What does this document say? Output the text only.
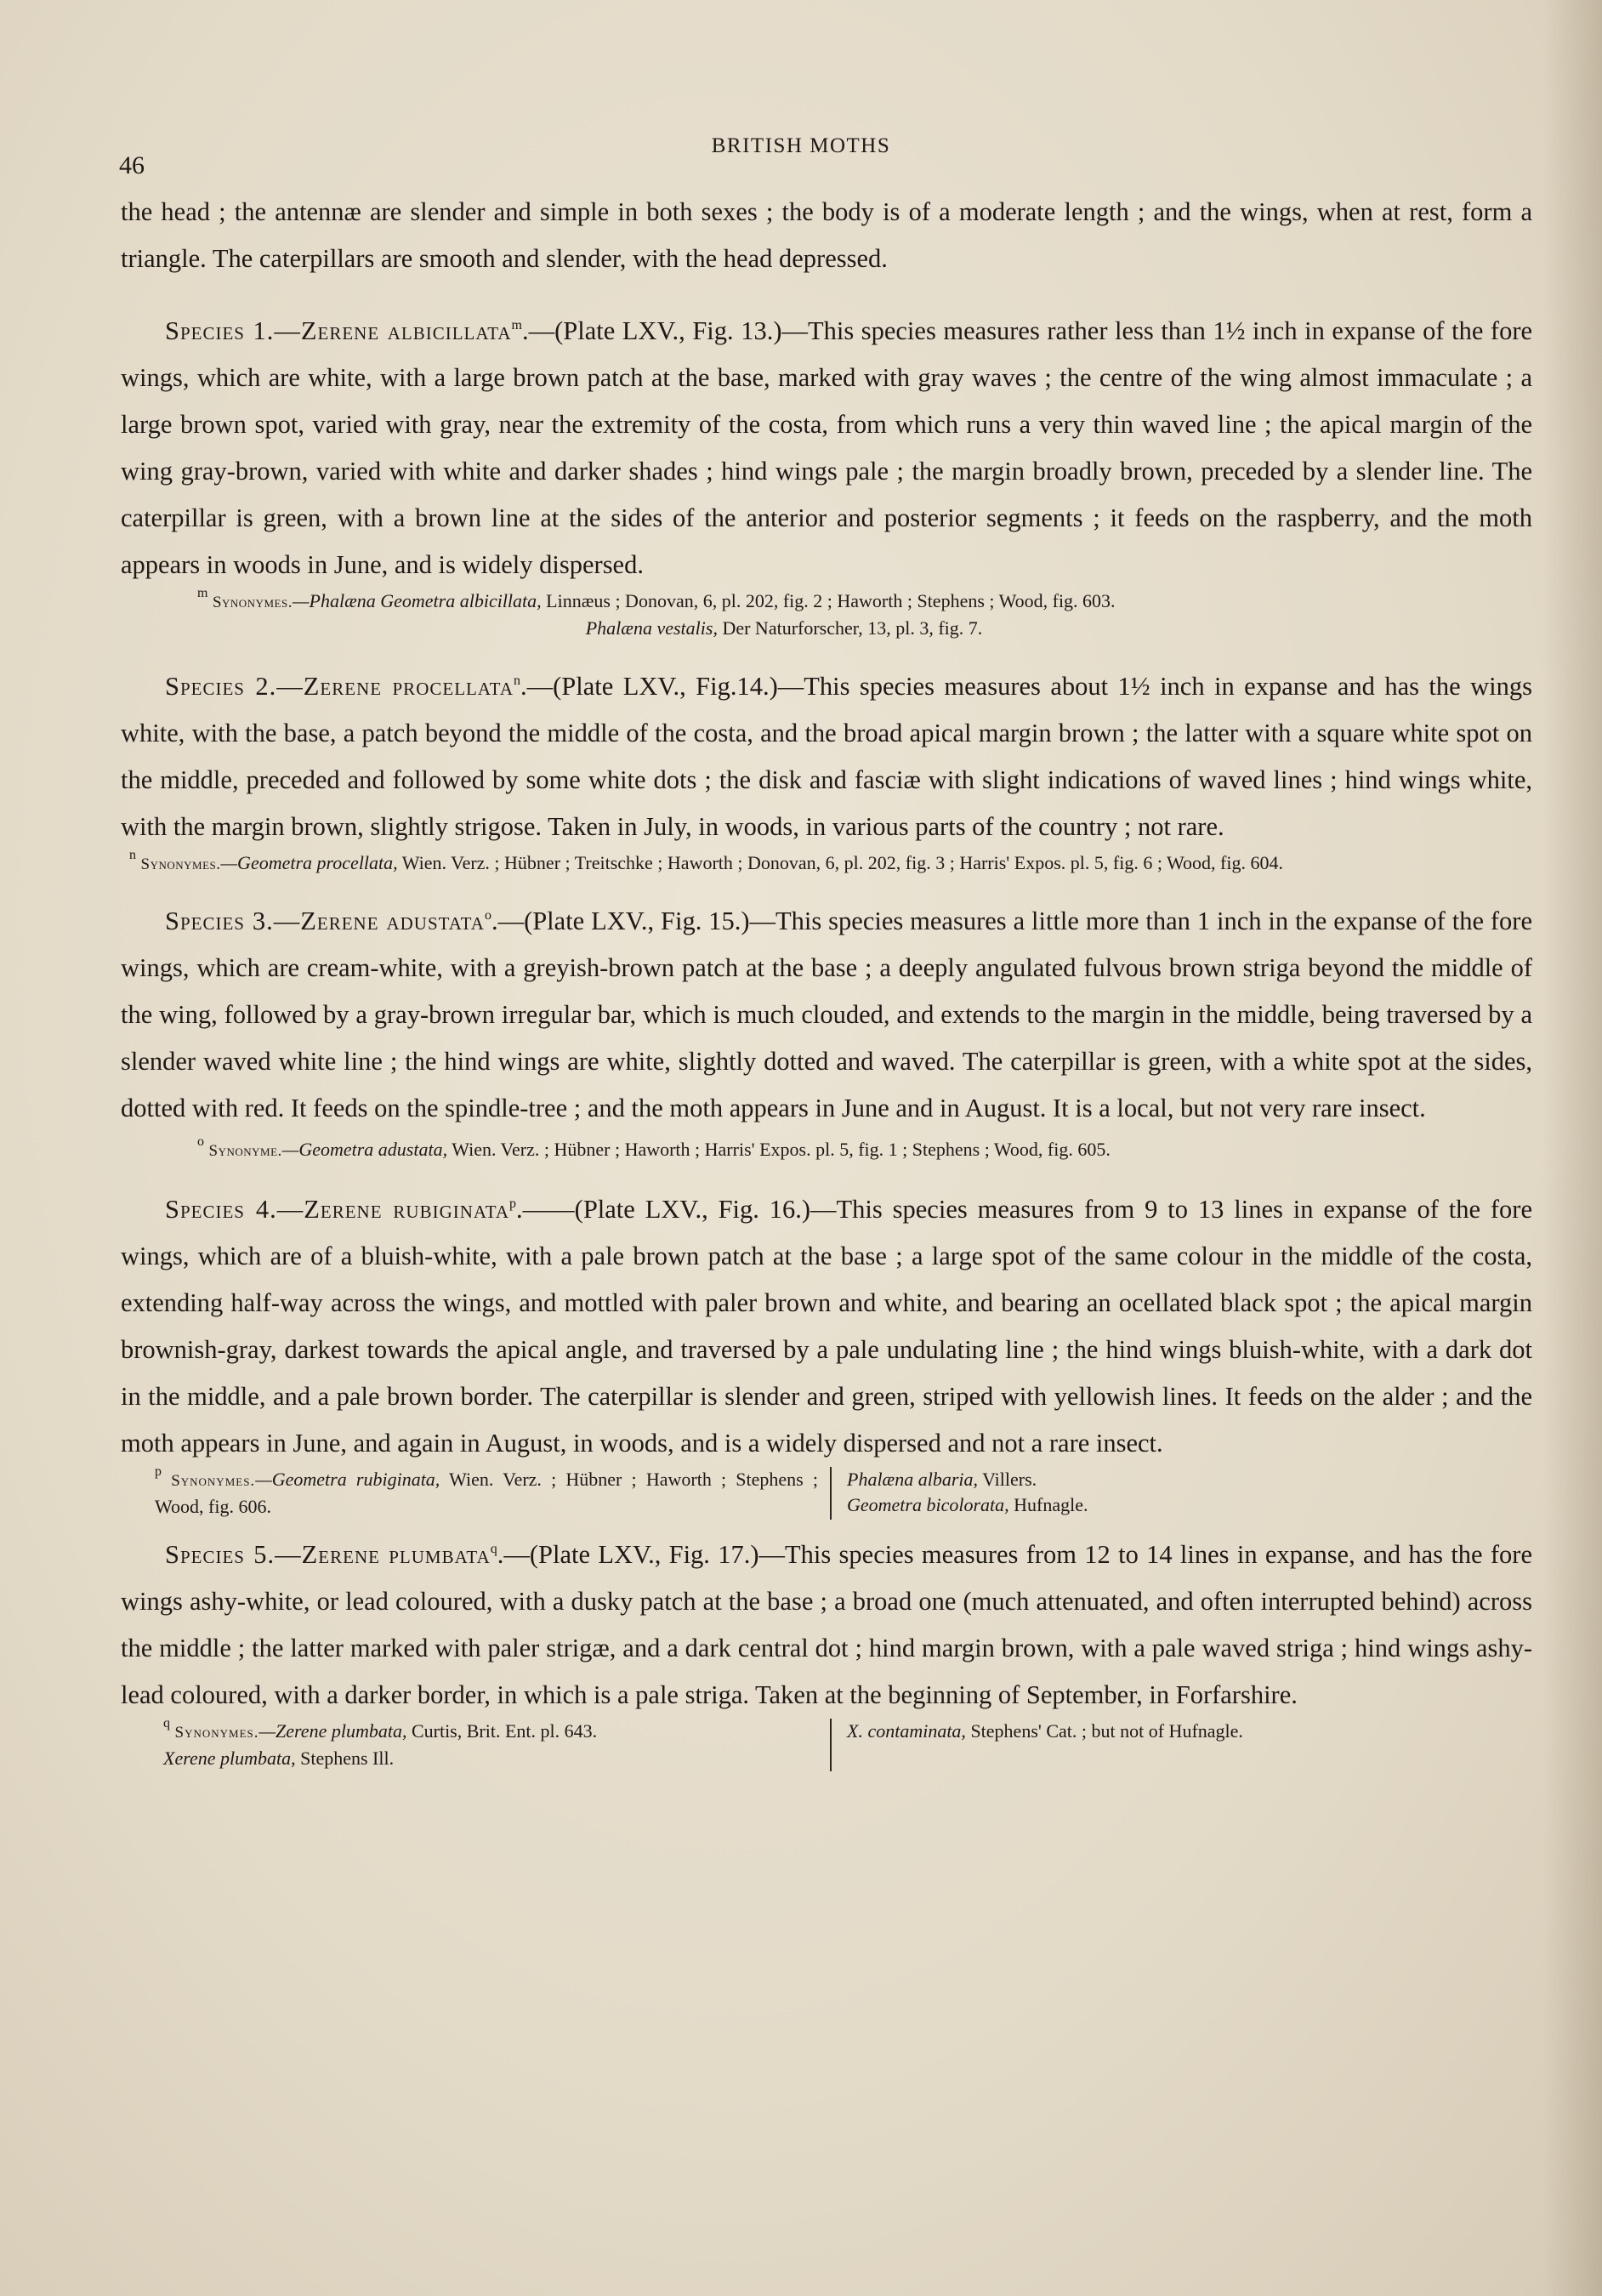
46
BRITISH MOTHS

the head ; the antennæ are slender and simple in both sexes ; the body is of a moderate length ; and the wings, when at rest, form a triangle. The caterpillars are smooth and slender, with the head depressed.

Species 1.—Zerene albicillata$^m$.—(Plate LXV., Fig. 13.)—This species measures rather less than 1½ inch in expanse of the fore wings, which are white, with a large brown patch at the base, marked with gray waves ; the centre of the wing almost immaculate ; a large brown spot, varied with gray, near the extremity of the costa, from which runs a very thin waved line ; the apical margin of the wing gray-brown, varied with white and darker shades ; hind wings pale ; the margin broadly brown, preceded by a slender line. The caterpillar is green, with a brown line at the sides of the anterior and posterior segments ; it feeds on the raspberry, and the moth appears in woods in June, and is widely dispersed.

$^m$ Synonymes.—Phalæna Geometra albicillata, Linnæus ; Donovan, 6, pl. 202, fig. 2 ; Haworth ; Stephens ; Wood, fig. 603.

Phalæna vestalis, Der Naturforscher, 13, pl. 3, fig. 7.

Species 2.—Zerene procellata$^n$.—(Plate LXV., Fig.14.)—This species measures about 1½ inch in expanse and has the wings white, with the base, a patch beyond the middle of the costa, and the broad apical margin brown ; the latter with a square white spot on the middle, preceded and followed by some white dots ; the disk and fasciæ with slight indications of waved lines ; hind wings white, with the margin brown, slightly strigose. Taken in July, in woods, in various parts of the country ; not rare.

$^n$ Synonymes.—Geometra procellata, Wien. Verz. ; Hübner ; Treitschke ; Haworth ; Donovan, 6, pl. 202, fig. 3 ; Harris' Expos. pl. 5, fig. 6 ; Wood, fig. 604.

Species 3.—Zerene adustata$^o$.—(Plate LXV., Fig. 15.)—This species measures a little more than 1 inch in the expanse of the fore wings, which are cream-white, with a greyish-brown patch at the base ; a deeply angulated fulvous brown striga beyond the middle of the wing, followed by a gray-brown irregular bar, which is much clouded, and extends to the margin in the middle, being traversed by a slender waved white line ; the hind wings are white, slightly dotted and waved. The caterpillar is green, with a white spot at the sides, dotted with red. It feeds on the spindle-tree ; and the moth appears in June and in August. It is a local, but not very rare insect.

$^o$ Synonyme.—Geometra adustata, Wien. Verz. ; Hübner ; Haworth ; Harris' Expos. pl. 5, fig. 1 ; Stephens ; Wood, fig. 605.

Species 4.—Zerene rubiginata$^p$.——(Plate LXV., Fig. 16.)—This species measures from 9 to 13 lines in expanse of the fore wings, which are of a bluish-white, with a pale brown patch at the base ; a large spot of the same colour in the middle of the costa, extending half-way across the wings, and mottled with paler brown and white, and bearing an ocellated black spot ; the apical margin brownish-gray, darkest towards the apical angle, and traversed by a pale undulating line ; the hind wings bluish-white, with a dark dot in the middle, and a pale brown border. The caterpillar is slender and green, striped with yellowish lines. It feeds on the alder ; and the moth appears in June, and again in August, in woods, and is a widely dispersed and not a rare insect.

$^p$ Synonymes.—Geometra rubiginata, Wien. Verz. ; Hübner ; Haworth ; Stephens ; Wood, fig. 606.
Phalæna albaria, Villers.
Geometra bicolorata, Hufnagle.

Species 5.—Zerene plumbata$^q$.—(Plate LXV., Fig. 17.)—This species measures from 12 to 14 lines in expanse, and has the fore wings ashy-white, or lead coloured, with a dusky patch at the base ; a broad one (much attenuated, and often interrupted behind) across the middle ; the latter marked with paler strigæ, and a dark central dot ; hind margin brown, with a pale waved striga ; hind wings ashy-lead coloured, with a darker border, in which is a pale striga. Taken at the beginning of September, in Forfarshire.

$^q$ Synonymes.—Zerene plumbata, Curtis, Brit. Ent. pl. 643.
Xerene plumbata, Stephens Ill.
X. contaminata, Stephens' Cat. ; but not of Hufnagle.
